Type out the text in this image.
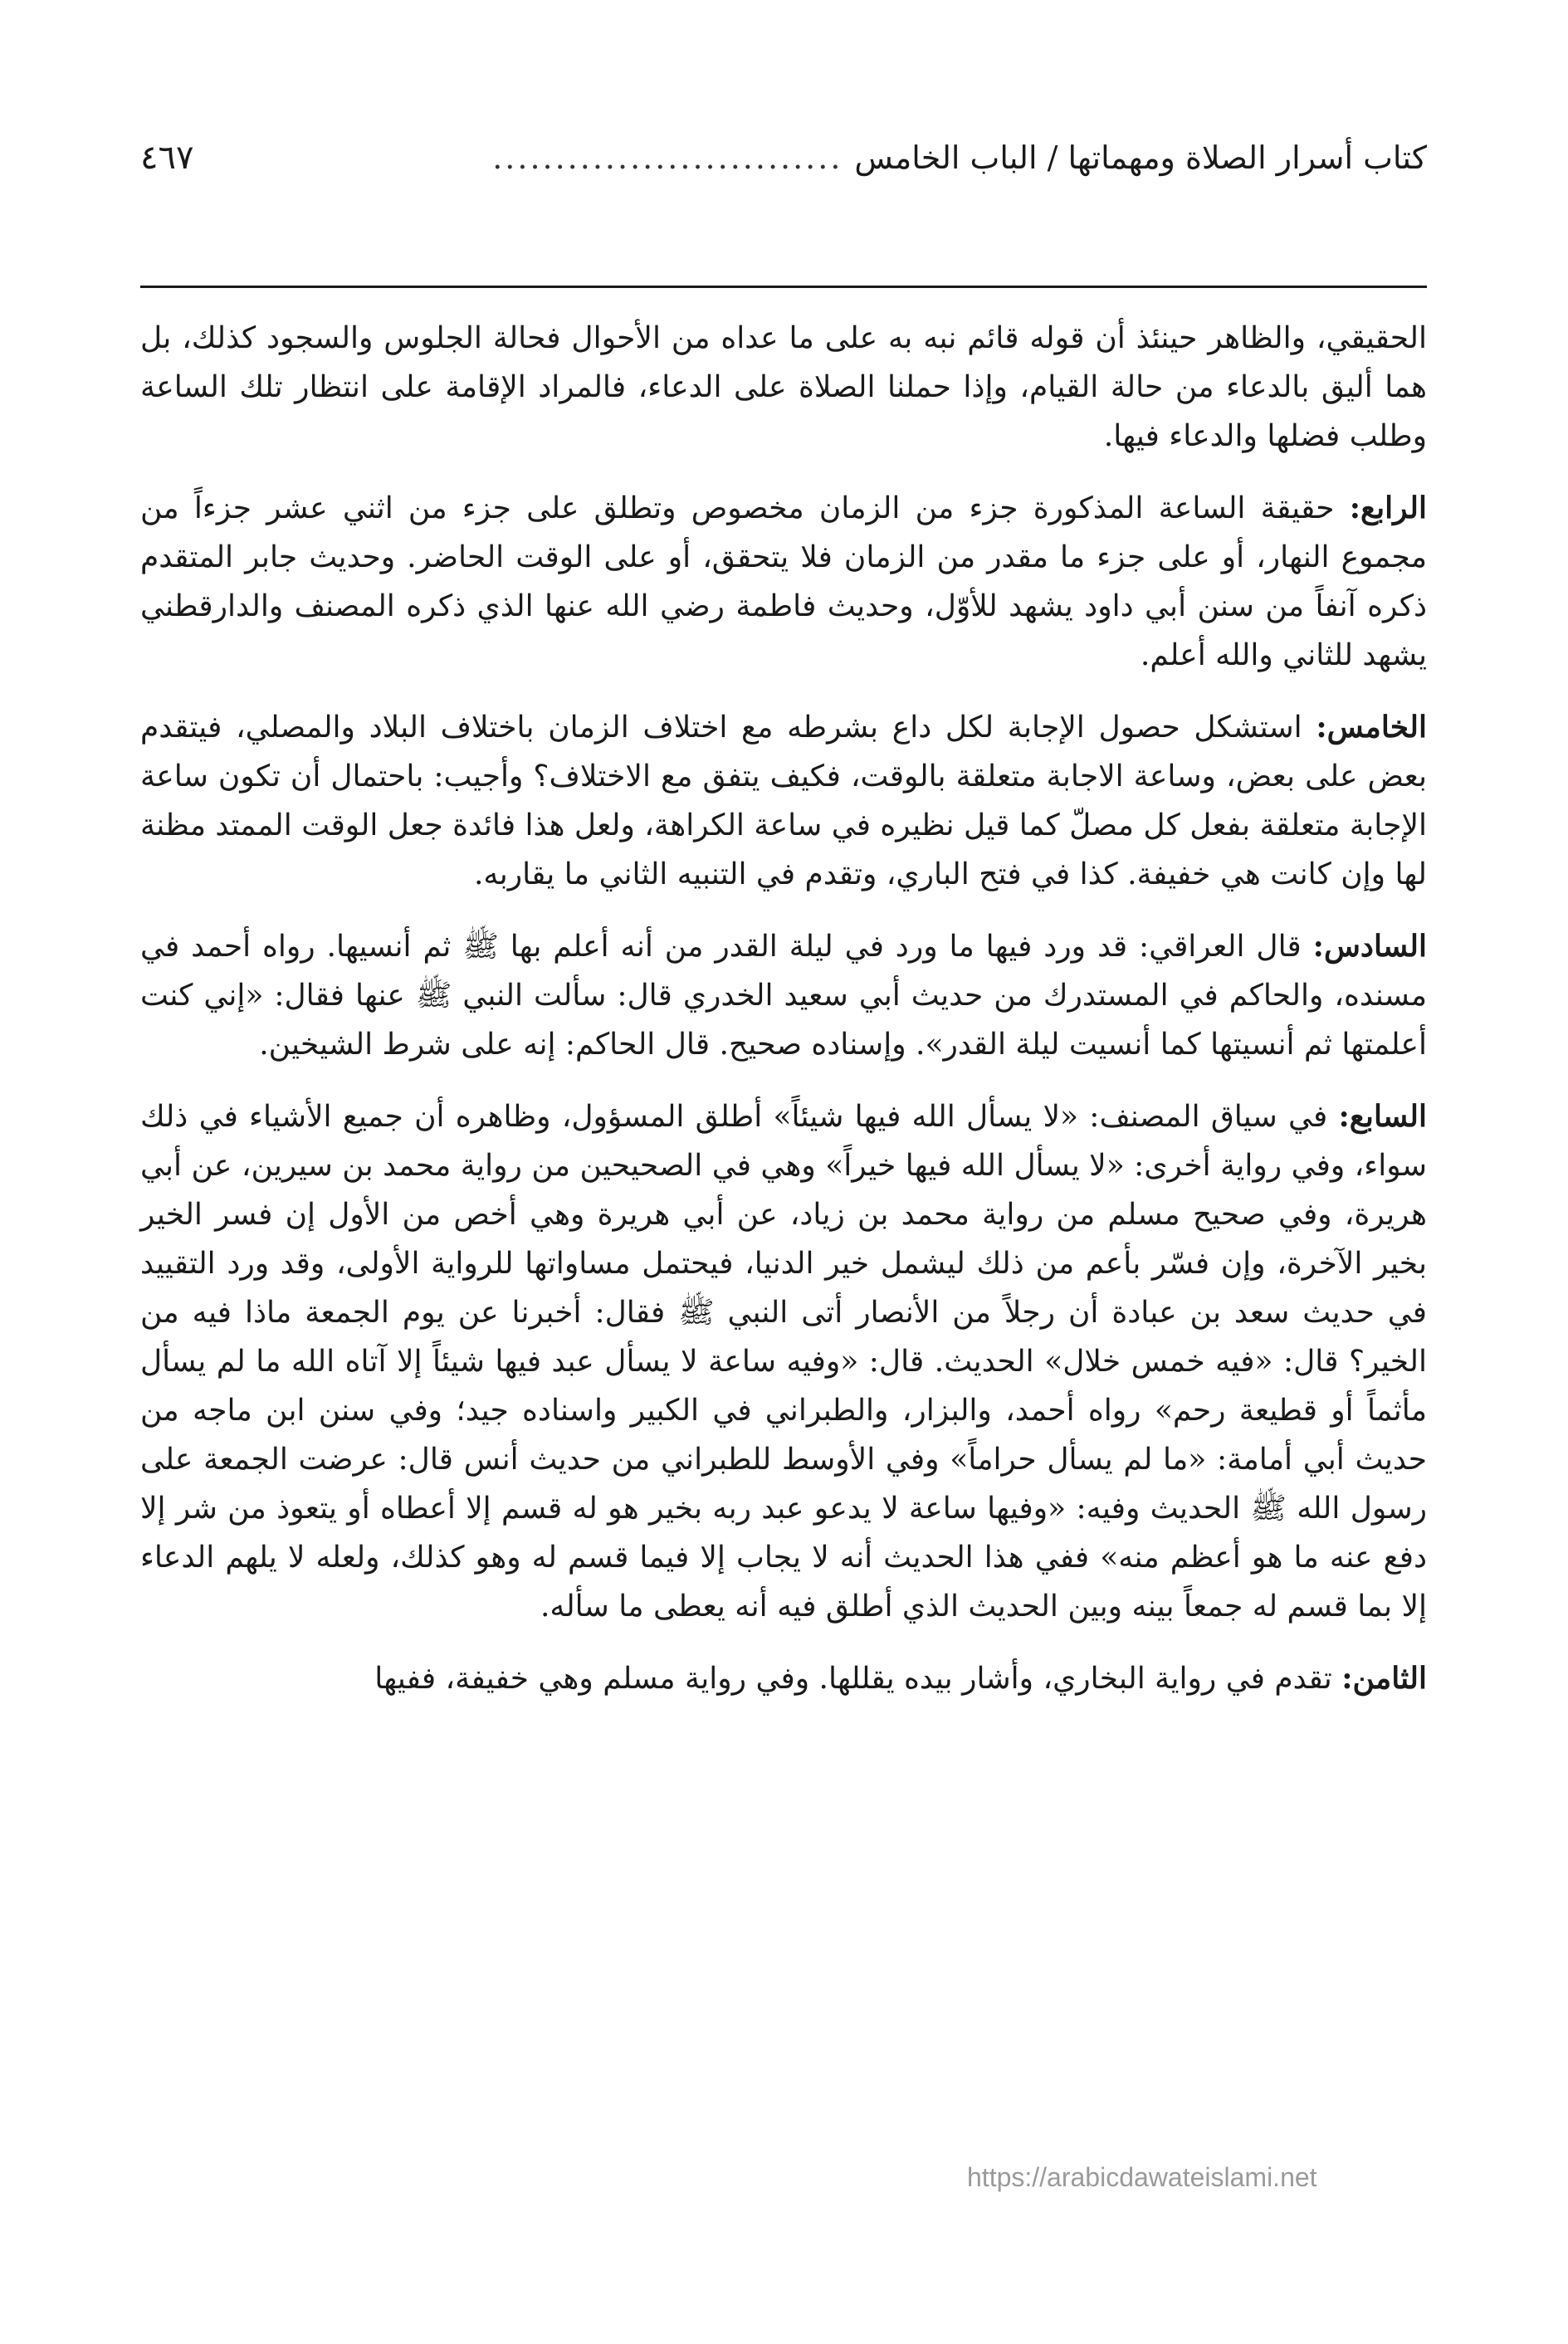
كتاب أسرار الصلاة ومهماتها / الباب الخامس
............................
٤٦٧

الحقيقي، والظاهر حينئذ أن قوله قائم نبه به على ما عداه من الأحوال فحالة الجلوس والسجود كذلك، بل هما أليق بالدعاء من حالة القيام، وإذا حملنا الصلاة على الدعاء، فالمراد الإقامة على انتظار تلك الساعة وطلب فضلها والدعاء فيها.

الرابع: حقيقة الساعة المذكورة جزء من الزمان مخصوص وتطلق على جزء من اثني عشر جزءاً من مجموع النهار، أو على جزء ما مقدر من الزمان فلا يتحقق، أو على الوقت الحاضر. وحديث جابر المتقدم ذكره آنفاً من سنن أبي داود يشهد للأوّل، وحديث فاطمة رضي الله عنها الذي ذكره المصنف والدارقطني يشهد للثاني والله أعلم.

الخامس: استشكل حصول الإجابة لكل داع بشرطه مع اختلاف الزمان باختلاف البلاد والمصلي، فيتقدم بعض على بعض، وساعة الاجابة متعلقة بالوقت، فكيف يتفق مع الاختلاف؟ وأجيب: باحتمال أن تكون ساعة الإجابة متعلقة بفعل كل مصلّ كما قيل نظيره في ساعة الكراهة، ولعل هذا فائدة جعل الوقت الممتد مظنة لها وإن كانت هي خفيفة. كذا في فتح الباري، وتقدم في التنبيه الثاني ما يقاربه.

السادس: قال العراقي: قد ورد فيها ما ورد في ليلة القدر من أنه أعلم بها ﷺ ثم أنسيها. رواه أحمد في مسنده، والحاكم في المستدرك من حديث أبي سعيد الخدري قال: سألت النبي ﷺ عنها فقال: «إني كنت أعلمتها ثم أنسيتها كما أنسيت ليلة القدر». وإسناده صحيح. قال الحاكم: إنه على شرط الشيخين.

السابع: في سياق المصنف: «لا يسأل الله فيها شيئاً» أطلق المسؤول، وظاهره أن جميع الأشياء في ذلك سواء، وفي رواية أخرى: «لا يسأل الله فيها خيراً» وهي في الصحيحين من رواية محمد بن سيرين، عن أبي هريرة، وفي صحيح مسلم من رواية محمد بن زياد، عن أبي هريرة وهي أخص من الأول إن فسر الخير بخير الآخرة، وإن فسّر بأعم من ذلك ليشمل خير الدنيا، فيحتمل مساواتها للرواية الأولى، وقد ورد التقييد في حديث سعد بن عبادة أن رجلاً من الأنصار أتى النبي ﷺ فقال: أخبرنا عن يوم الجمعة ماذا فيه من الخير؟ قال: «فيه خمس خلال» الحديث. قال: «وفيه ساعة لا يسأل عبد فيها شيئاً إلا آتاه الله ما لم يسأل مأثماً أو قطيعة رحم» رواه أحمد، والبزار، والطبراني في الكبير واسناده جيد؛ وفي سنن ابن ماجه من حديث أبي أمامة: «ما لم يسأل حراماً» وفي الأوسط للطبراني من حديث أنس قال: عرضت الجمعة على رسول الله ﷺ الحديث وفيه: «وفيها ساعة لا يدعو عبد ربه بخير هو له قسم إلا أعطاه أو يتعوذ من شر إلا دفع عنه ما هو أعظم منه» ففي هذا الحديث أنه لا يجاب إلا فيما قسم له وهو كذلك، ولعله لا يلهم الدعاء إلا بما قسم له جمعاً بينه وبين الحديث الذي أطلق فيه أنه يعطى ما سأله.

الثامن: تقدم في رواية البخاري، وأشار بيده يقللها. وفي رواية مسلم وهي خفيفة، ففيها

https://arabicdawateislami.net
